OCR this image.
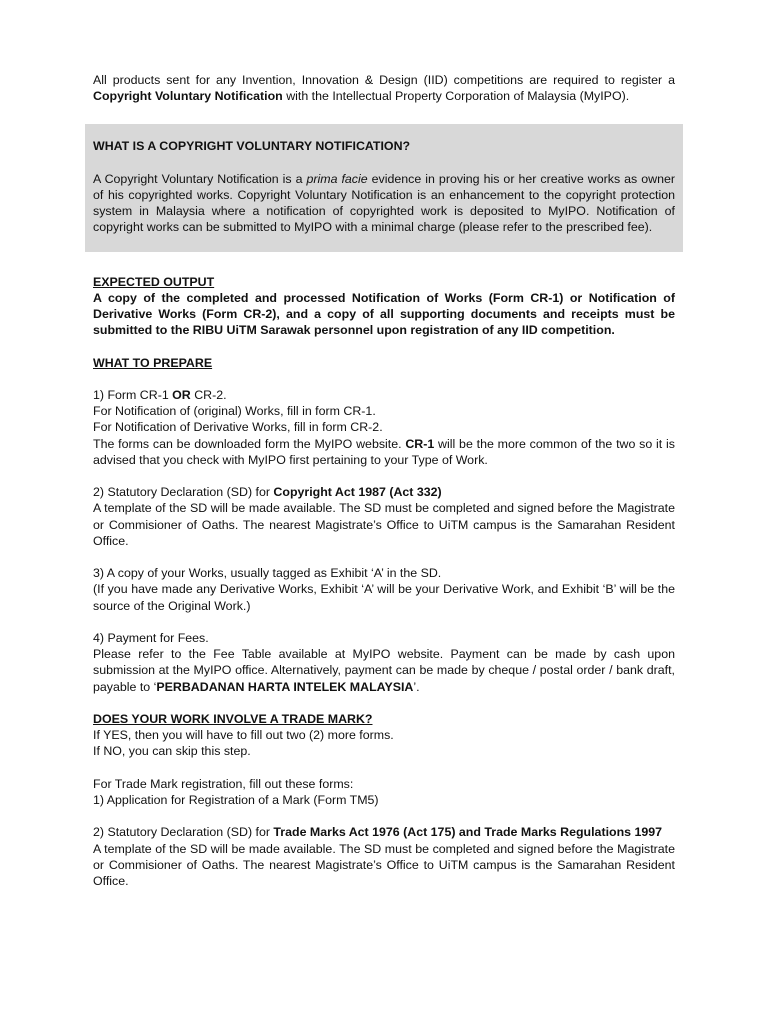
All products sent for any Invention, Innovation & Design (IID) competitions are required to register a Copyright Voluntary Notification with the Intellectual Property Corporation of Malaysia (MyIPO).

WHAT IS A COPYRIGHT VOLUNTARY NOTIFICATION?

A Copyright Voluntary Notification is a prima facie evidence in proving his or her creative works as owner of his copyrighted works. Copyright Voluntary Notification is an enhancement to the copyright protection system in Malaysia where a notification of copyrighted work is deposited to MyIPO. Notification of copyright works can be submitted to MyIPO with a minimal charge (please refer to the prescribed fee).

EXPECTED OUTPUT

A copy of the completed and processed Notification of Works (Form CR-1) or Notification of Derivative Works (Form CR-2), and a copy of all supporting documents and receipts must be submitted to the RIBU UiTM Sarawak personnel upon registration of any IID competition.

WHAT TO PREPARE

1) Form CR-1 OR CR-2.

For Notification of (original) Works, fill in form CR-1.

For Notification of Derivative Works, fill in form CR-2.

The forms can be downloaded form the MyIPO website. CR-1 will be the more common of the two so it is advised that you check with MyIPO first pertaining to your Type of Work.

2) Statutory Declaration (SD) for Copyright Act 1987 (Act 332)

A template of the SD will be made available. The SD must be completed and signed before the Magistrate or Commisioner of Oaths. The nearest Magistrate’s Office to UiTM campus is the Samarahan Resident Office.

3) A copy of your Works, usually tagged as Exhibit ‘A’ in the SD.

(If you have made any Derivative Works, Exhibit ‘A’ will be your Derivative Work, and Exhibit ‘B’ will be the source of the Original Work.)

4) Payment for Fees.

Please refer to the Fee Table available at MyIPO website. Payment can be made by cash upon submission at the MyIPO office. Alternatively, payment can be made by cheque / postal order / bank draft, payable to ‘PERBADANAN HARTA INTELEK MALAYSIA’.

DOES YOUR WORK INVOLVE A TRADE MARK?

If YES, then you will have to fill out two (2) more forms.

If NO, you can skip this step.

For Trade Mark registration, fill out these forms:

1) Application for Registration of a Mark (Form TM5)

2) Statutory Declaration (SD) for Trade Marks Act 1976 (Act 175) and Trade Marks Regulations 1997

A template of the SD will be made available. The SD must be completed and signed before the Magistrate or Commisioner of Oaths. The nearest Magistrate’s Office to UiTM campus is the Samarahan Resident Office.
